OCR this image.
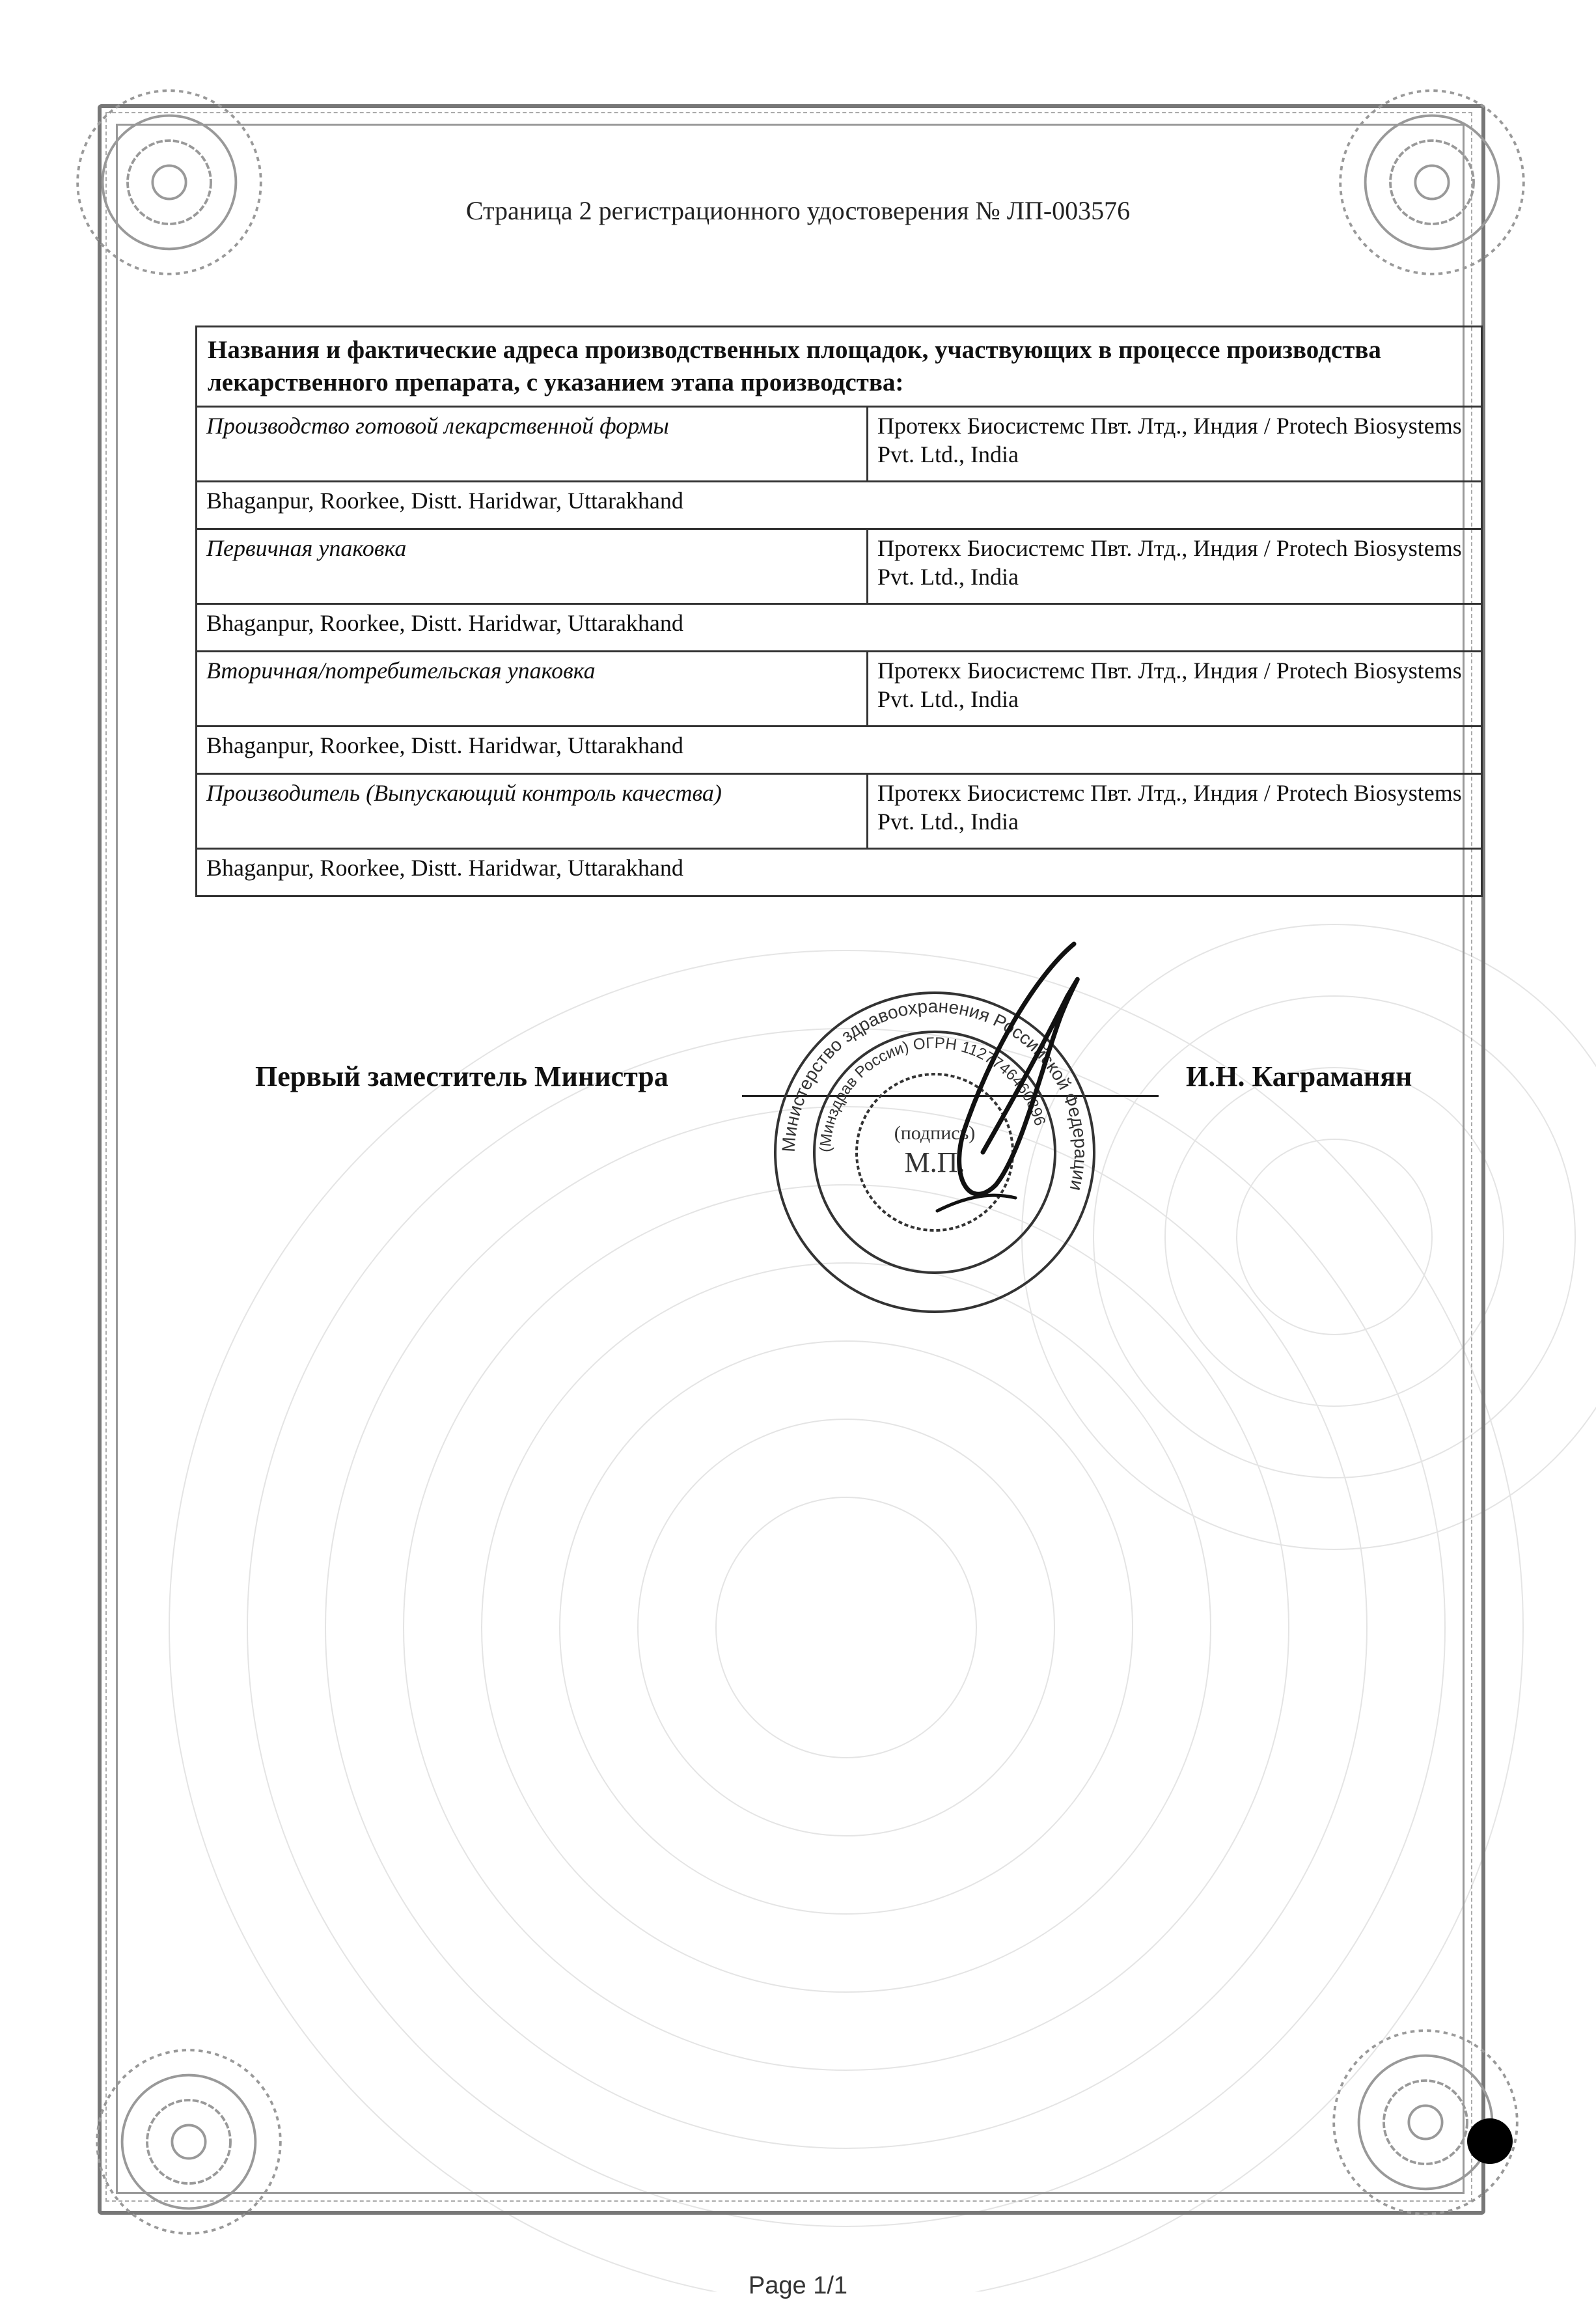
Страница 2 регистрационного удостоверения № ЛП-003576
Названия и фактические адреса производственных площадок, участвующих в процессе производства лекарственного препарата, с указанием этапа производства:	
Производство готовой лекарственной формы	Протекх Биосистемс Пвт. Лтд., Индия / Protech Biosystems Pvt. Ltd., India
Bhaganpur, Roorkee, Distt. Haridwar, Uttarakhand	
Первичная упаковка	Протекх Биосистемс Пвт. Лтд., Индия / Protech Biosystems Pvt. Ltd., India
Bhaganpur, Roorkee, Distt. Haridwar, Uttarakhand	
Вторичная/потребительская упаковка	Протекх Биосистемс Пвт. Лтд., Индия / Protech Biosystems Pvt. Ltd., India
Bhaganpur, Roorkee, Distt. Haridwar, Uttarakhand	
Производитель (Выпускающий контроль качества)	Протекх Биосистемс Пвт. Лтд., Индия / Protech Biosystems Pvt. Ltd., India
Bhaganpur, Roorkee, Distt. Haridwar, Uttarakhand	
Первый заместитель Министра	И.Н. Каграманян
Министерство здравоохранения Российской Федерации
(Минздрав России) ОГРН 1127746460896
(подпись)
М.П.
Page 1/1
